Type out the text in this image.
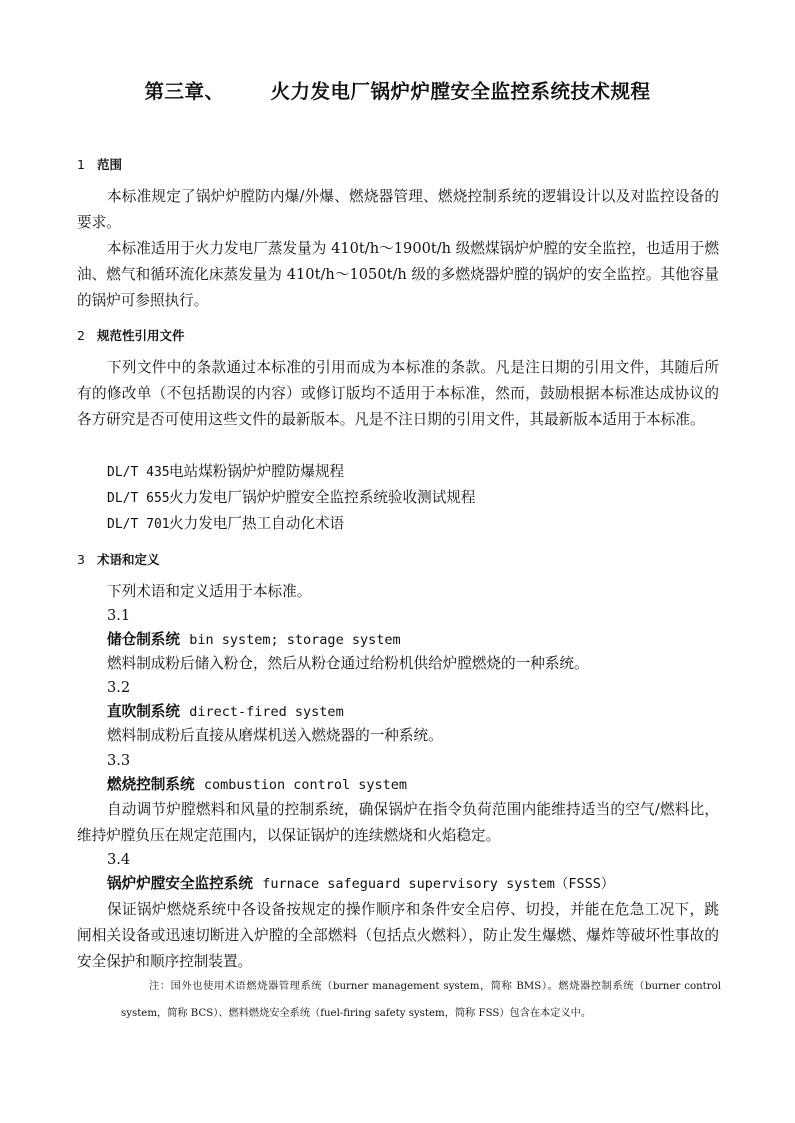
第三章、 火力发电厂锅炉炉膛安全监控系统技术规程
1 范围

本标准规定了锅炉炉膛防内爆/外爆、燃烧器管理、燃烧控制系统的逻辑设计以及对监控设备的要求。

本标准适用于火力发电厂蒸发量为 410t/h～1900t/h 级燃煤锅炉炉膛的安全监控，也适用于燃油、燃气和循环流化床蒸发量为 410t/h～1050t/h 级的多燃烧器炉膛的锅炉的安全监控。其他容量的锅炉可参照执行。

2 规范性引用文件

下列文件中的条款通过本标准的引用而成为本标准的条款。凡是注日期的引用文件，其随后所有的修改单（不包括勘误的内容）或修订版均不适用于本标准，然而，鼓励根据本标准达成协议的各方研究是否可使用这些文件的最新版本。凡是不注日期的引用文件，其最新版本适用于本标准。

DL/T 435电站煤粉锅炉炉膛防爆规程
DL/T 655火力发电厂锅炉炉膛安全监控系统验收测试规程
DL/T 701火力发电厂热工自动化术语
3 术语和定义
下列术语和定义适用于本标准。
3.1
储仓制系统 bin system; storage system
燃料制成粉后储入粉仓，然后从粉仓通过给粉机供给炉膛燃烧的一种系统。
3.2
直吹制系统 direct-fired system
燃料制成粉后直接从磨煤机送入燃烧器的一种系统。
3.3
燃烧控制系统 combustion control system

自动调节炉膛燃料和风量的控制系统，确保锅炉在指令负荷范围内能维持适当的空气/燃料比，维持炉膛负压在规定范围内，以保证锅炉的连续燃烧和火焰稳定。

3.4
锅炉炉膛安全监控系统 furnace safeguard supervisory system（FSSS）

保证锅炉燃烧系统中各设备按规定的操作顺序和条件安全启停、切投，并能在危急工况下，跳闸相关设备或迅速切断进入炉膛的全部燃料（包括点火燃料），防止发生爆燃、爆炸等破坏性事故的安全保护和顺序控制装置。

注：国外也使用术语燃烧器管理系统（burner management system，简称 BMS）。燃烧器控制系统（burner control system，简称 BCS）、燃料燃烧安全系统（fuel-firing safety system，简称 FSS）包含在本定义中。
